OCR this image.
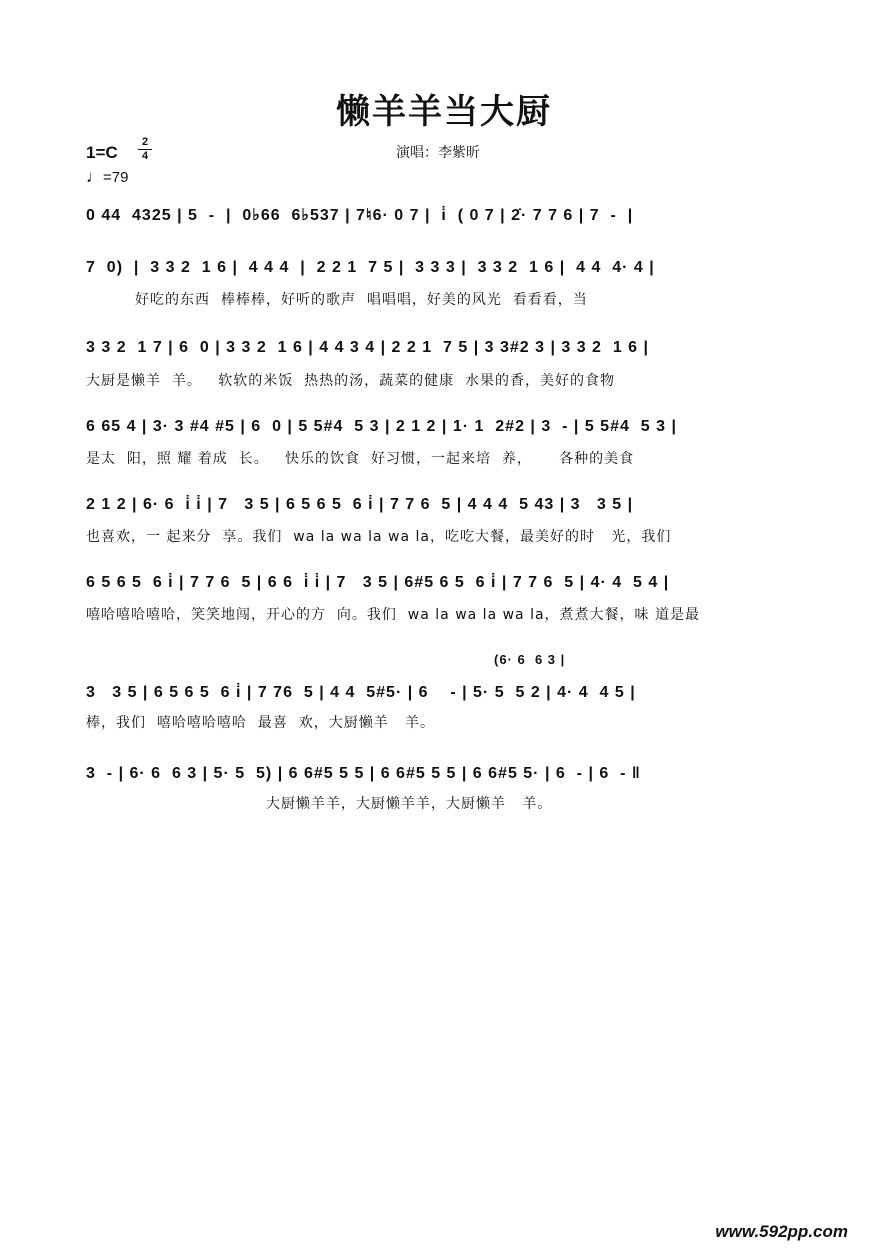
懒羊羊当大厨
演唱：李紫昕
1=C
2
4
♩=79
0 44  4325 | 5  -  |  0♭66  6♭537 | 7♮6· 0 7 |  i̇  ( 0 7 | 2̇· 7 7 6 | 7  -  |
7  0)  |  3 3 2  1 6 |  4 4 4  |  2 2 1  7 5 |  3 3 3 |  3 3 2  1 6 |  4 4  4· 4 |
好吃的东西  棒棒棒，好听的歌声  唱唱唱，好美的风光  看看看，当
3 3 2  1 7 | 6  0 | 3 3 2  1 6 | 4 4 3 4 | 2 2 1  7 5 | 3 3#2 3 | 3 3 2  1 6 |
大厨是懒羊  羊。   软软的米饭  热热的汤，蔬菜的健康  水果的香，美好的食物
6 65 4 | 3· 3 #4 #5 | 6  0 | 5 5#4  5 3 | 2 1 2 | 1· 1  2#2 | 3  - | 5 5#4  5 3 |
是太  阳，照 耀 着成  长。   快乐的饮食  好习惯，一起来培  养，     各种的美食
2 1 2 | 6· 6  i̇ i̇ | 7   3 5 | 6 5 6 5  6 i̇ | 7 7 6  5 | 4 4 4  5 43 | 3   3 5 |
也喜欢，一 起来分  享。我们  wa la wa la wa la，吃吃大餐，最美好的时   光，我们
6 5 6 5  6 i̇ | 7 7 6  5 | 6 6  i̇ i̇ | 7   3 5 | 6#5 6 5  6 i̇ | 7 7 6  5 | 4· 4  5 4 |
嘻哈嘻哈嘻哈，笑笑地闯，开心的方  向。我们  wa la wa la wa la，煮煮大餐，味 道是最
(6· 6  6 3 |
3   3 5 | 6 5 6 5  6 i̇ | 7 76  5 | 4 4  5#5· | 6    - | 5· 5  5 2 | 4· 4  4 5 |
棒，我们  嘻哈嘻哈嘻哈  最喜  欢，大厨懒羊   羊。
3  - | 6· 6  6 3 | 5· 5  5) | 6 6#5 5 5 | 6 6#5 5 5 | 6 6#5 5· | 6  - | 6  - ‖
大厨懒羊羊，大厨懒羊羊，大厨懒羊   羊。
www.592pp.com
